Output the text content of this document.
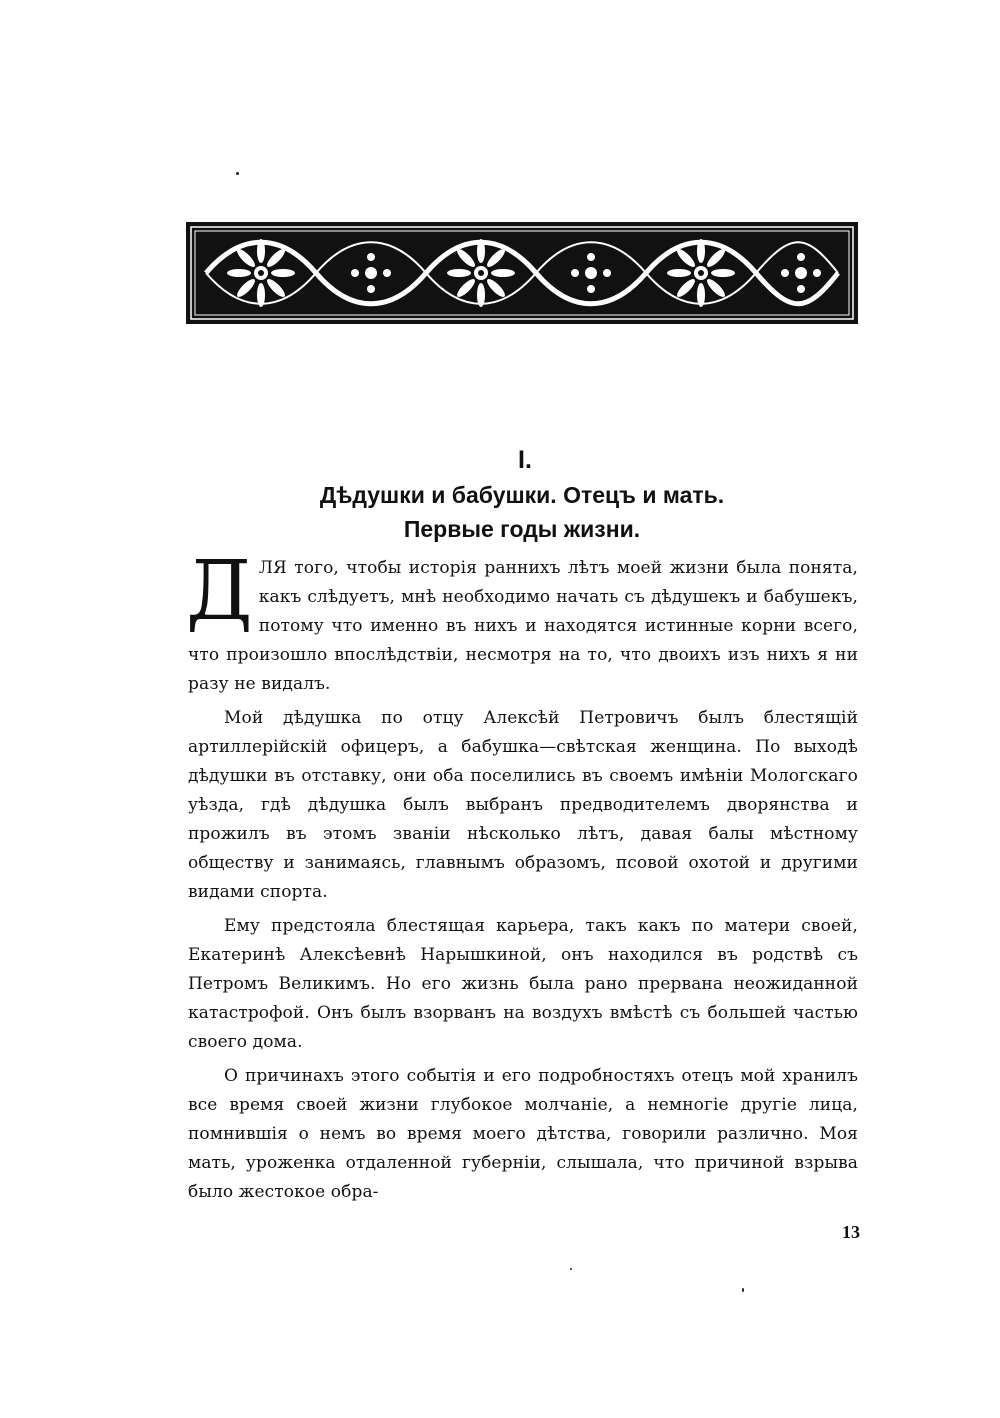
I.
Дѣдушки и бабушки. Отецъ и мать.
Первые годы жизни.

ДЛЯ того, чтобы исторія раннихъ лѣтъ моей жизни была понята, какъ слѣдуетъ, мнѣ необходимо начать съ дѣдушекъ и бабушекъ, потому что именно въ нихъ и находятся истинные корни всего, что произошло впослѣдствіи, несмотря на то, что двоихъ изъ нихъ я ни разу не видалъ.

Мой дѣдушка по отцу Алексѣй Петровичъ былъ блестящій артиллерійскій офицеръ, а бабушка—свѣтская женщина. По выходѣ дѣдушки въ отставку, они оба поселились въ своемъ имѣніи Мологскаго уѣзда, гдѣ дѣдушка былъ выбранъ предводителемъ дворянства и прожилъ въ этомъ званіи нѣсколько лѣтъ, давая балы мѣстному обществу и занимаясь, главнымъ образомъ, псовой охотой и другими видами спорта.

Ему предстояла блестящая карьера, такъ какъ по матери своей, Екатеринѣ Алексѣевнѣ Нарышкиной, онъ находился въ родствѣ съ Петромъ Великимъ. Но его жизнь была рано прервана неожиданной катастрофой. Онъ былъ взорванъ на воздухъ вмѣстѣ съ большей частью своего дома.

О причинахъ этого событія и его подробностяхъ отецъ мой хранилъ все время своей жизни глубокое молчаніе, а немногіе другіе лица, помнившія о немъ во время моего дѣтства, говорили различно. Моя мать, уроженка отдаленной губерніи, слышала, что причиной взрыва было жестокое обра-

13
